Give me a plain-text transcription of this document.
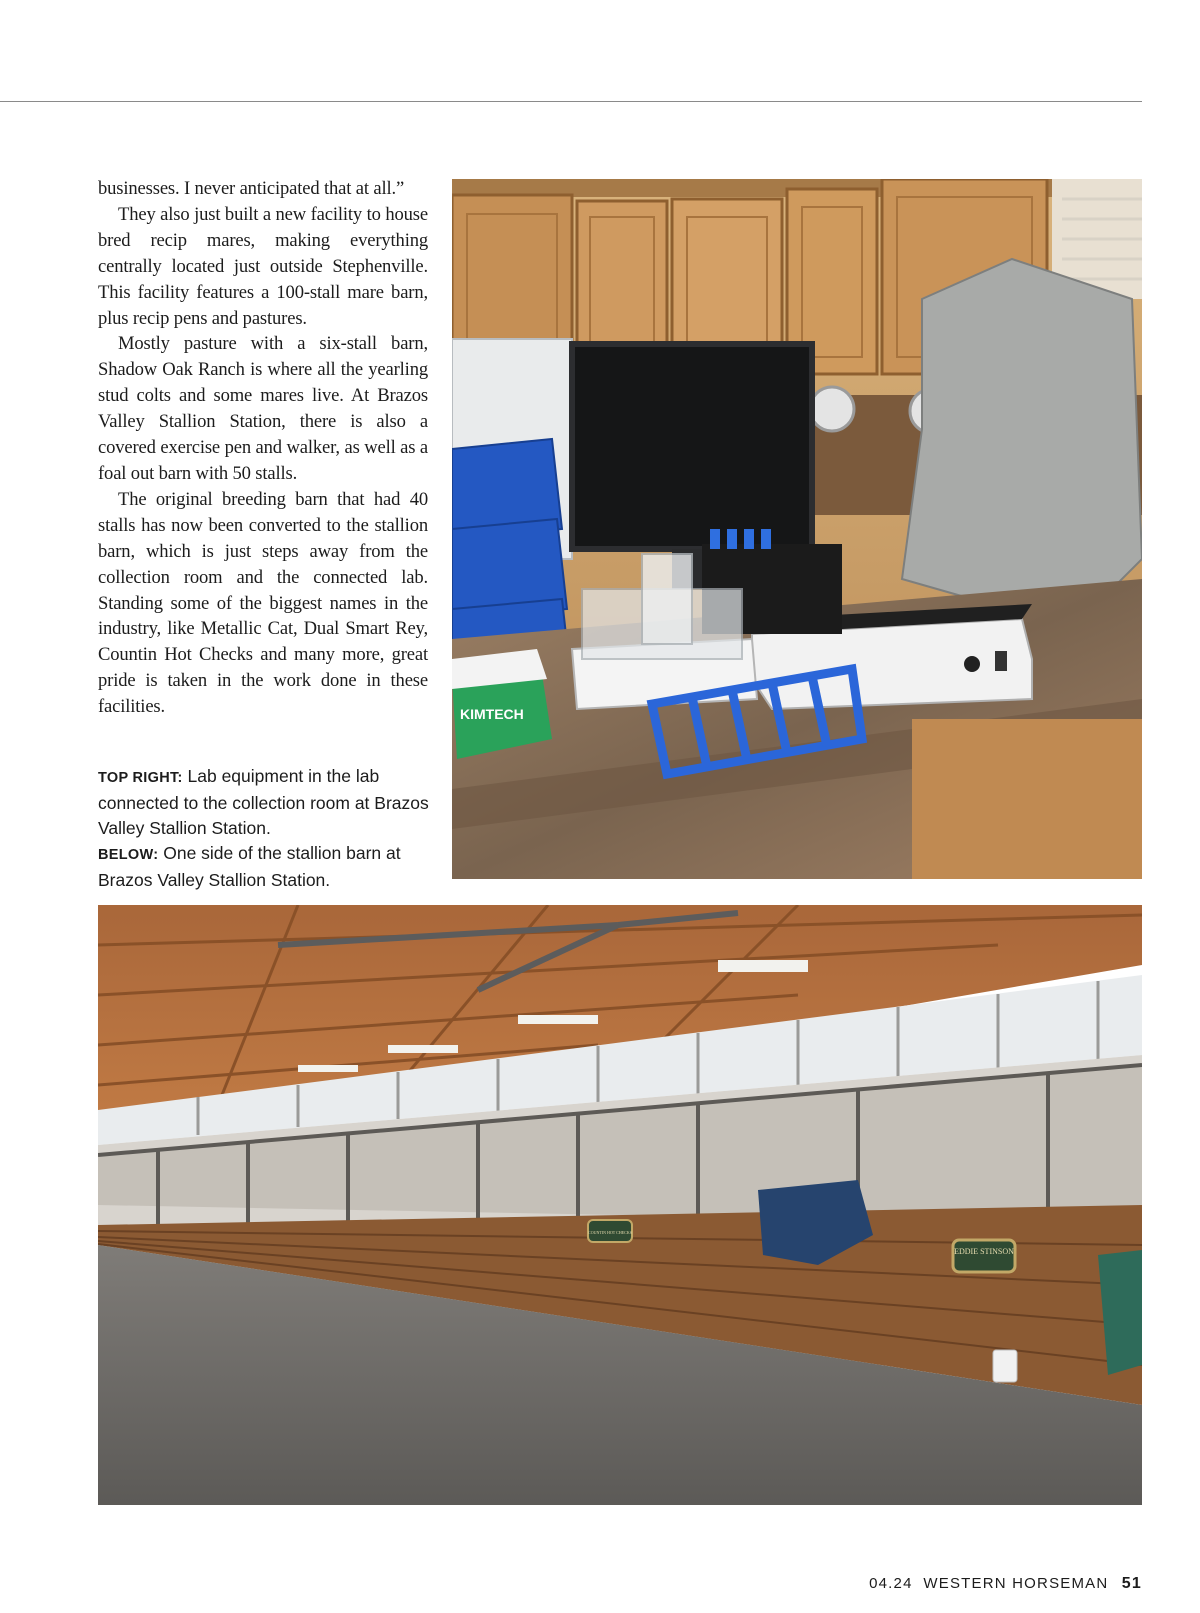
businesses. I never anticipated that at all.”

They also just built a new facility to house bred recip mares, making everything centrally located just outside Stephenville. This facility features a 100-stall mare barn, plus recip pens and pastures.

Mostly pasture with a six-stall barn, Shadow Oak Ranch is where all the yearling stud colts and some mares live. At Brazos Valley Stallion Station, there is also a covered exercise pen and walker, as well as a foal out barn with 50 stalls.

The original breeding barn that had 40 stalls has now been converted to the stallion barn, which is just steps away from the collection room and the connected lab. Standing some of the biggest names in the industry, like Metallic Cat, Dual Smart Rey, Countin Hot Checks and many more, great pride is taken in the work done in these facilities.

TOP RIGHT: Lab equipment in the lab connected to the collection room at Brazos Valley Stallion Station.

BELOW: One side of the stallion barn at Brazos Valley Stallion Station.

KIMTECH
EDDIE STINSON
COUNTIN HOT CHECKS
04.24 WESTERN HORSEMAN 51
